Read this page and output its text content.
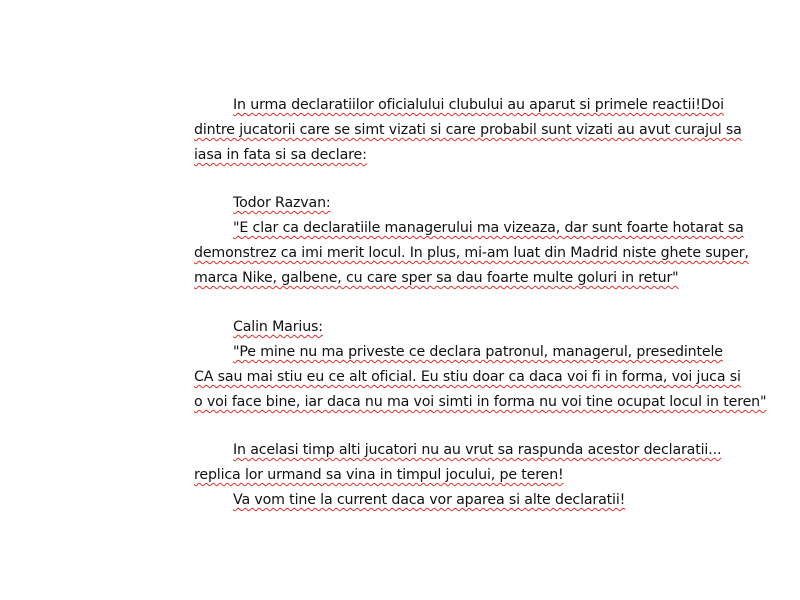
In urma declaratiilor oficialului clubului au aparut si primele reactii!Doi
dintre jucatorii care se simt vizati si care probabil sunt vizati au avut curajul sa
iasa in fata si sa declare:
Todor Razvan:
"E clar ca declaratiile managerului ma vizeaza, dar sunt foarte hotarat sa
demonstrez ca imi merit locul. In plus, mi-am luat din Madrid niste ghete super,
marca Nike, galbene, cu care sper sa dau foarte multe goluri in retur"
Calin Marius:
"Pe mine nu ma priveste ce declara patronul, managerul, presedintele
CA sau mai stiu eu ce alt oficial. Eu stiu doar ca daca voi fi in forma, voi juca si
o voi face bine, iar daca nu ma voi simti in forma nu voi tine ocupat locul in teren"
In acelasi timp alti jucatori nu au vrut sa raspunda acestor declaratii...
replica lor urmand sa vina in timpul jocului, pe teren!
Va vom tine la current daca vor aparea si alte declaratii!
